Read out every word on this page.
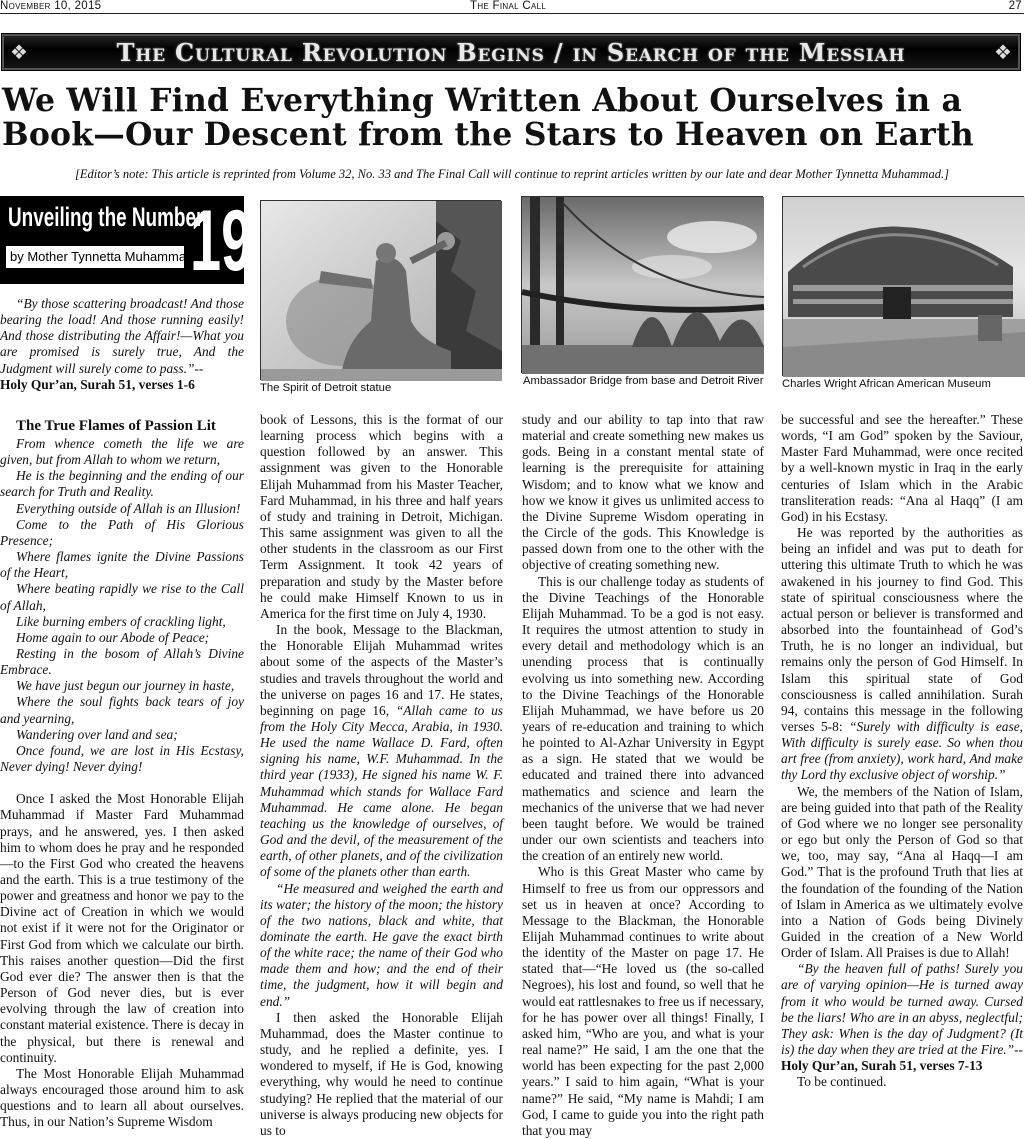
November 10, 2015	The Final Call	27
❖	The Cultural Revolution Begins / in Search of the Messiah	❖
We Will Find Everything Written About Ourselves in a
Book—Our Descent from the Stars to Heaven on Earth
[Editor’s note: This article is reprinted from Volume 32, No. 33 and The Final Call will continue to reprint articles written by our late and dear Mother Tynnetta Muhammad.]
Unveiling the Number
by Mother Tynnetta Muhammad
19
The Spirit of Detroit statue
Ambassador Bridge from base and Detroit River Charles Wright African American Museum

“By those scattering broadcast! And those bearing the load! And those running easily! And those distributing the Affair!—What you are promised is surely true, And the Judgment will surely come to pass.”--

Holy Qur’an, Surah 51, verses 1-6

The True Flames of Passion Lit

From whence cometh the life we are given, but from Allah to whom we return,

He is the beginning and the ending of our search for Truth and Reality.

Everything outside of Allah is an Illusion!

Come to the Path of His Glorious Presence;

Where flames ignite the Divine Passions of the Heart,

Where beating rapidly we rise to the Call of Allah,

Like burning embers of crackling light,

Home again to our Abode of Peace;

Resting in the bosom of Allah’s Divine Embrace.

We have just begun our journey in haste,

Where the soul fights back tears of joy and yearning,

Wandering over land and sea;

Once found, we are lost in His Ecstasy, Never dying! Never dying!

Once I asked the Most Honorable Elijah Muhammad if Master Fard Muhammad prays, and he answered, yes. I then asked him to whom does he pray and he responded—to the First God who created the heavens and the earth. This is a true testimony of the power and greatness and honor we pay to the Divine act of Creation in which we would not exist if it were not for the Originator or First God from which we calculate our birth. This raises another question—Did the first God ever die? The answer then is that the Person of God never dies, but is ever evolving through the law of creation into constant material existence. There is decay in the physical, but there is renewal and continuity.

The Most Honorable Elijah Muhammad always encouraged those around him to ask questions and to learn all about ourselves. Thus, in our Nation’s Supreme Wisdom

book of Lessons, this is the format of our learning process which begins with a question followed by an answer. This assignment was given to the Honorable Elijah Muhammad from his Master Teacher, Fard Muhammad, in his three and half years of study and training in Detroit, Michigan. This same assignment was given to all the other students in the classroom as our First Term Assignment. It took 42 years of preparation and study by the Master before he could make Himself Known to us in America for the first time on July 4, 1930.

In the book, Message to the Blackman, the Honorable Elijah Muhammad writes about some of the aspects of the Master’s studies and travels throughout the world and the universe on pages 16 and 17. He states, beginning on page 16, “Allah came to us from the Holy City Mecca, Arabia, in 1930. He used the name Wallace D. Fard, often signing his name, W.F. Muhammad. In the third year (1933), He signed his name W. F. Muhammad which stands for Wallace Fard Muhammad. He came alone. He began teaching us the knowledge of ourselves, of God and the devil, of the measurement of the earth, of other planets, and of the civilization of some of the planets other than earth.

“He measured and weighed the earth and its water; the history of the moon; the history of the two nations, black and white, that dominate the earth. He gave the exact birth of the white race; the name of their God who made them and how; and the end of their time, the judgment, how it will begin and end.”

I then asked the Honorable Elijah Muhammad, does the Master continue to study, and he replied a definite, yes. I wondered to myself, if He is God, knowing everything, why would he need to continue studying? He replied that the material of our universe is always producing new objects for us to

study and our ability to tap into that raw material and create something new makes us gods. Being in a constant mental state of learning is the prerequisite for attaining Wisdom; and to know what we know and how we know it gives us unlimited access to the Divine Supreme Wisdom operating in the Circle of the gods. This Knowledge is passed down from one to the other with the objective of creating something new.

This is our challenge today as students of the Divine Teachings of the Honorable Elijah Muhammad. To be a god is not easy. It requires the utmost attention to study in every detail and methodology which is an unending process that is continually evolving us into something new. According to the Divine Teachings of the Honorable Elijah Muhammad, we have before us 20 years of re-education and training to which he pointed to Al-Azhar University in Egypt as a sign. He stated that we would be educated and trained there into advanced mathematics and science and learn the mechanics of the universe that we had never been taught before. We would be trained under our own scientists and teachers into the creation of an entirely new world.

Who is this Great Master who came by Himself to free us from our oppressors and set us in heaven at once? According to Message to the Blackman, the Honorable Elijah Muhammad continues to write about the identity of the Master on page 17. He stated that—“He loved us (the so-called Negroes), his lost and found, so well that he would eat rattlesnakes to free us if necessary, for he has power over all things! Finally, I asked him, “Who are you, and what is your real name?” He said, I am the one that the world has been expecting for the past 2,000 years.” I said to him again, “What is your name?” He said, “My name is Mahdi; I am God, I came to guide you into the right path that you may

be successful and see the hereafter.” These words, “I am God” spoken by the Saviour, Master Fard Muhammad, were once recited by a well-known mystic in Iraq in the early centuries of Islam which in the Arabic transliteration reads: “Ana al Haqq” (I am God) in his Ecstasy.

He was reported by the authorities as being an infidel and was put to death for uttering this ultimate Truth to which he was awakened in his journey to find God. This state of spiritual consciousness where the actual person or believer is transformed and absorbed into the fountainhead of God’s Truth, he is no longer an individual, but remains only the person of God Himself. In Islam this spiritual state of God consciousness is called annihilation. Surah 94, contains this message in the following verses 5-8: “Surely with difficulty is ease, With difficulty is surely ease. So when thou art free (from anxiety), work hard, And make thy Lord thy exclusive object of worship.”

We, the members of the Nation of Islam, are being guided into that path of the Reality of God where we no longer see personality or ego but only the Person of God so that we, too, may say, “Ana al Haqq—I am God.” That is the profound Truth that lies at the foundation of the founding of the Nation of Islam in America as we ultimately evolve into a Nation of Gods being Divinely Guided in the creation of a New World Order of Islam. All Praises is due to Allah!

“By the heaven full of paths! Surely you are of varying opinion—He is turned away from it who would be turned away. Cursed be the liars! Who are in an abyss, neglectful; They ask: When is the day of Judgment? (It is) the day when they are tried at the Fire.”--Holy Qur’an, Surah 51, verses 7-13

To be continued.
